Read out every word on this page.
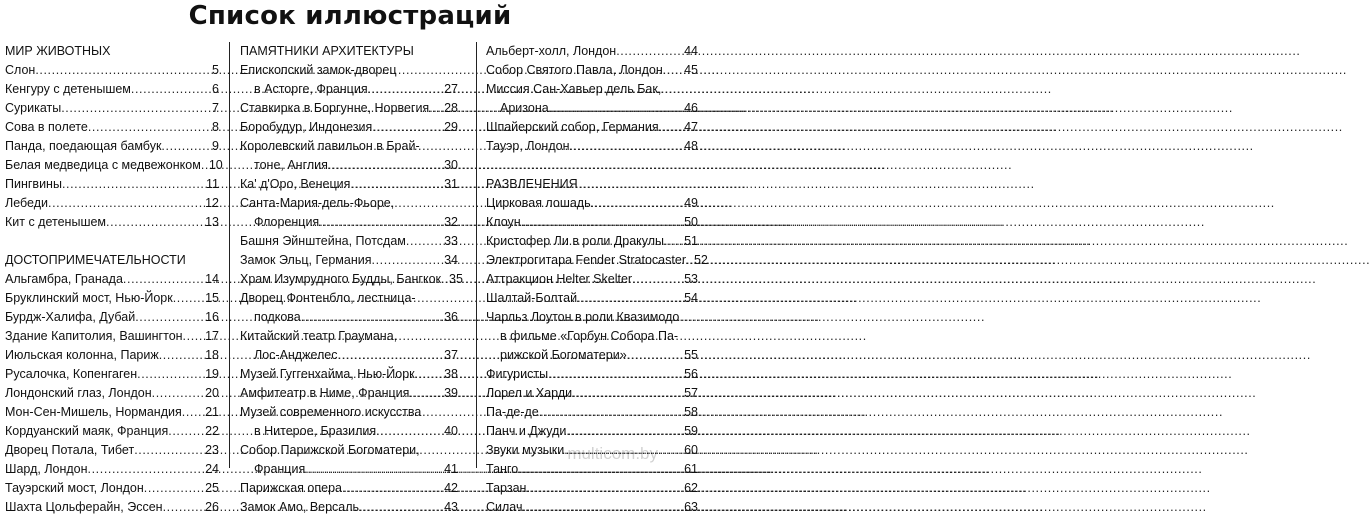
Список иллюстраций
МИР ЖИВОТНЫХ
Слон .....	5
Кенгуру с детенышем .....	6
Сурикаты .....	7
Сова в полете .....	8
Панда, поедающая бамбук .....	9
Белая медведица с медвежонком ..... 10
Пингвины .....	11
Лебеди .....	12
Кит с детенышем .....	13
ДОСТОПРИМЕЧАТЕЛЬНОСТИ
Альгамбра, Гранада .....	14
Бруклинский мост, Нью-Йорк .....	15
Бурдж-Халифа, Дубай .....	16
Здание Капитолия, Вашингтон ..... 17
Июльская колонна, Париж .....	18
Русалочка, Копенгаген .....	19
Лондонский глаз, Лондон .....	20
Мон-Сен-Мишель, Нормандия ..... 21
Кордуанский маяк, Франция .....	22
Дворец Потала, Тибет .....	23
Шард, Лондон .....	24
Тауэрский мост, Лондон .....	25
Шахта Цольферайн, Эссен .....	26
ПАМЯТНИКИ АРХИТЕКТУРЫ
Епископский замок-дворец
в Асторге, Франция .....	27
Ставкирка в Боргунне, Норвегия ..... 28
Боробудур, Индонезия .....	29
Королевский павильон в Брай-
тоне, Англия .....	30
Ка' д'Оро, Венеция .....	31
Санта-Мария-дель-Фьоре,
Флоренция .....	32
Башня Эйнштейна, Потсдам .....	33
Замок Эльц, Германия .....	34
Храм Изумрудного Будды, Бангкок ..... 35
Дворец Фонтенбло, лестница-
подкова .....	36
Китайский театр Граумана,
Лос-Анджелес .....	37
Музей Гуггенхайма, Нью-Йорк ..... 38
Амфитеатр в Ниме, Франция .....	39
Музей современного искусства
в Нитерое, Бразилия .....	40
Собор Парижской Богоматери,
Франция .....	41
Парижская опера .....	42
Замок Амо, Версаль .....	43
Альберт-холл, Лондон .....	44
Собор Святого Павла, Лондон ..... 45
Миссия Сан-Хавьер дель Бак,
Аризона .....	46
Шпайерский собор, Германия ..... 47
Тауэр, Лондон .....	48
РАЗВЛЕЧЕНИЯ
Цирковая лошадь .....	49
Клоун .....	50
Кристофер Ли в роли Дракулы ..... 51
Электрогитара Fender Stratocaster ..... 52
Аттракцион Helter Skelter .....	53
Шалтай-Болтай .....	54
Чарльз Лоутон в роли Квазимодо
в фильме «Горбун Собора Па-
рижской Богоматери» .....	55
Фигуристы .....	56
Лорел и Харди .....	57
Па-де-де .....	58
Панч и Джуди .....	59
Звуки музыки .....	60
Танго .....	61
Тарзан .....	62
Силач .....	63
multicom.by
